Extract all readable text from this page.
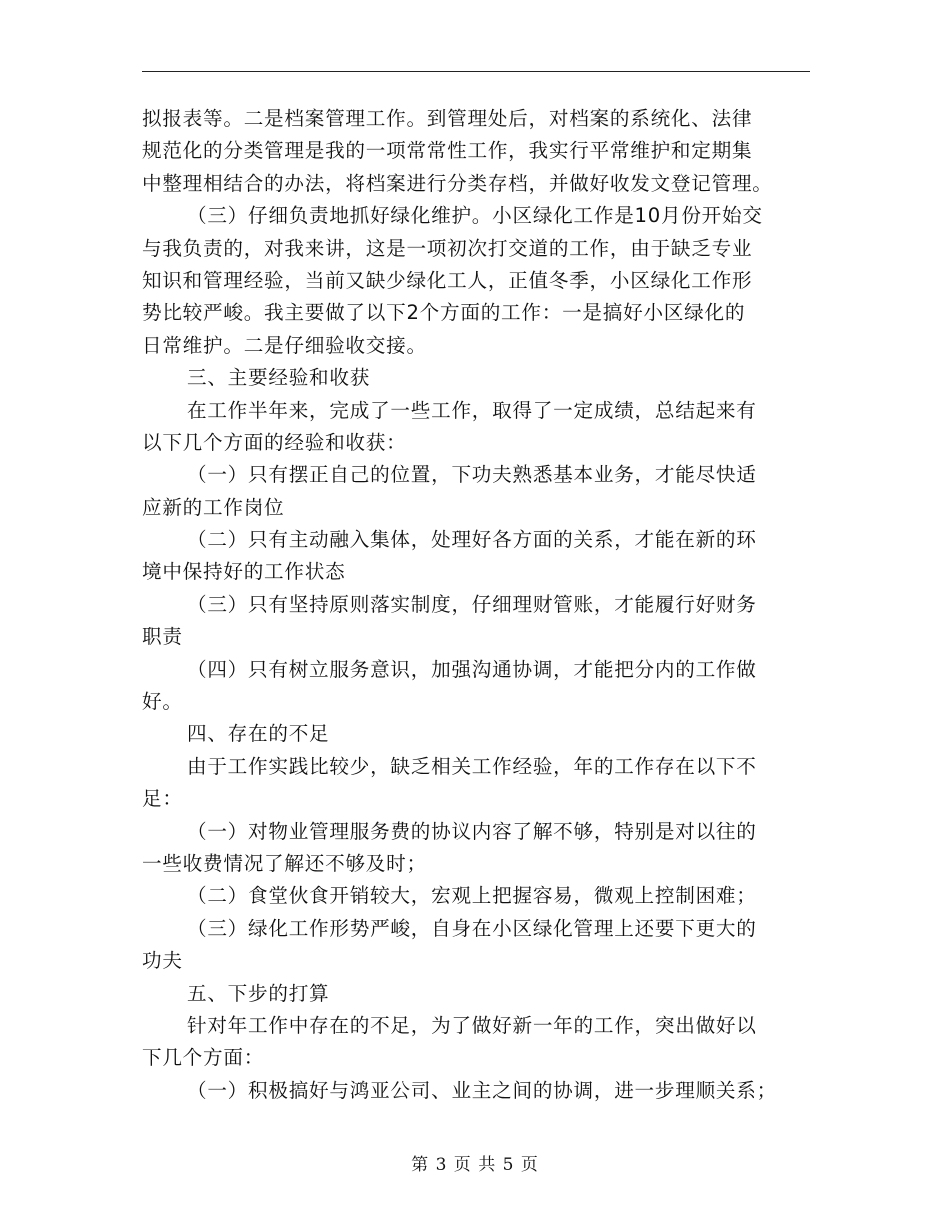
拟报表等。二是档案管理工作。到管理处后，对档案的系统化、法律
规范化的分类管理是我的一项常常性工作，我实行平常维护和定期集
中整理相结合的办法，将档案进行分类存档，并做好收发文登记管理。
（三）仔细负责地抓好绿化维护。小区绿化工作是10月份开始交
与我负责的，对我来讲，这是一项初次打交道的工作，由于缺乏专业
知识和管理经验，当前又缺少绿化工人，正值冬季，小区绿化工作形
势比较严峻。我主要做了以下2个方面的工作：一是搞好小区绿化的
日常维护。二是仔细验收交接。
三、主要经验和收获
在工作半年来，完成了一些工作，取得了一定成绩，总结起来有
以下几个方面的经验和收获：
（一）只有摆正自己的位置，下功夫熟悉基本业务，才能尽快适
应新的工作岗位
（二）只有主动融入集体，处理好各方面的关系，才能在新的环
境中保持好的工作状态
（三）只有坚持原则落实制度，仔细理财管账，才能履行好财务
职责
（四）只有树立服务意识，加强沟通协调，才能把分内的工作做
好。
四、存在的不足
由于工作实践比较少，缺乏相关工作经验，年的工作存在以下不
足：
（一）对物业管理服务费的协议内容了解不够，特别是对以往的
一些收费情况了解还不够及时；
（二）食堂伙食开销较大，宏观上把握容易，微观上控制困难；
（三）绿化工作形势严峻，自身在小区绿化管理上还要下更大的
功夫
五、下步的打算
针对年工作中存在的不足，为了做好新一年的工作，突出做好以
下几个方面：
（一）积极搞好与鸿亚公司、业主之间的协调，进一步理顺关系；
第 3 页 共 5 页
